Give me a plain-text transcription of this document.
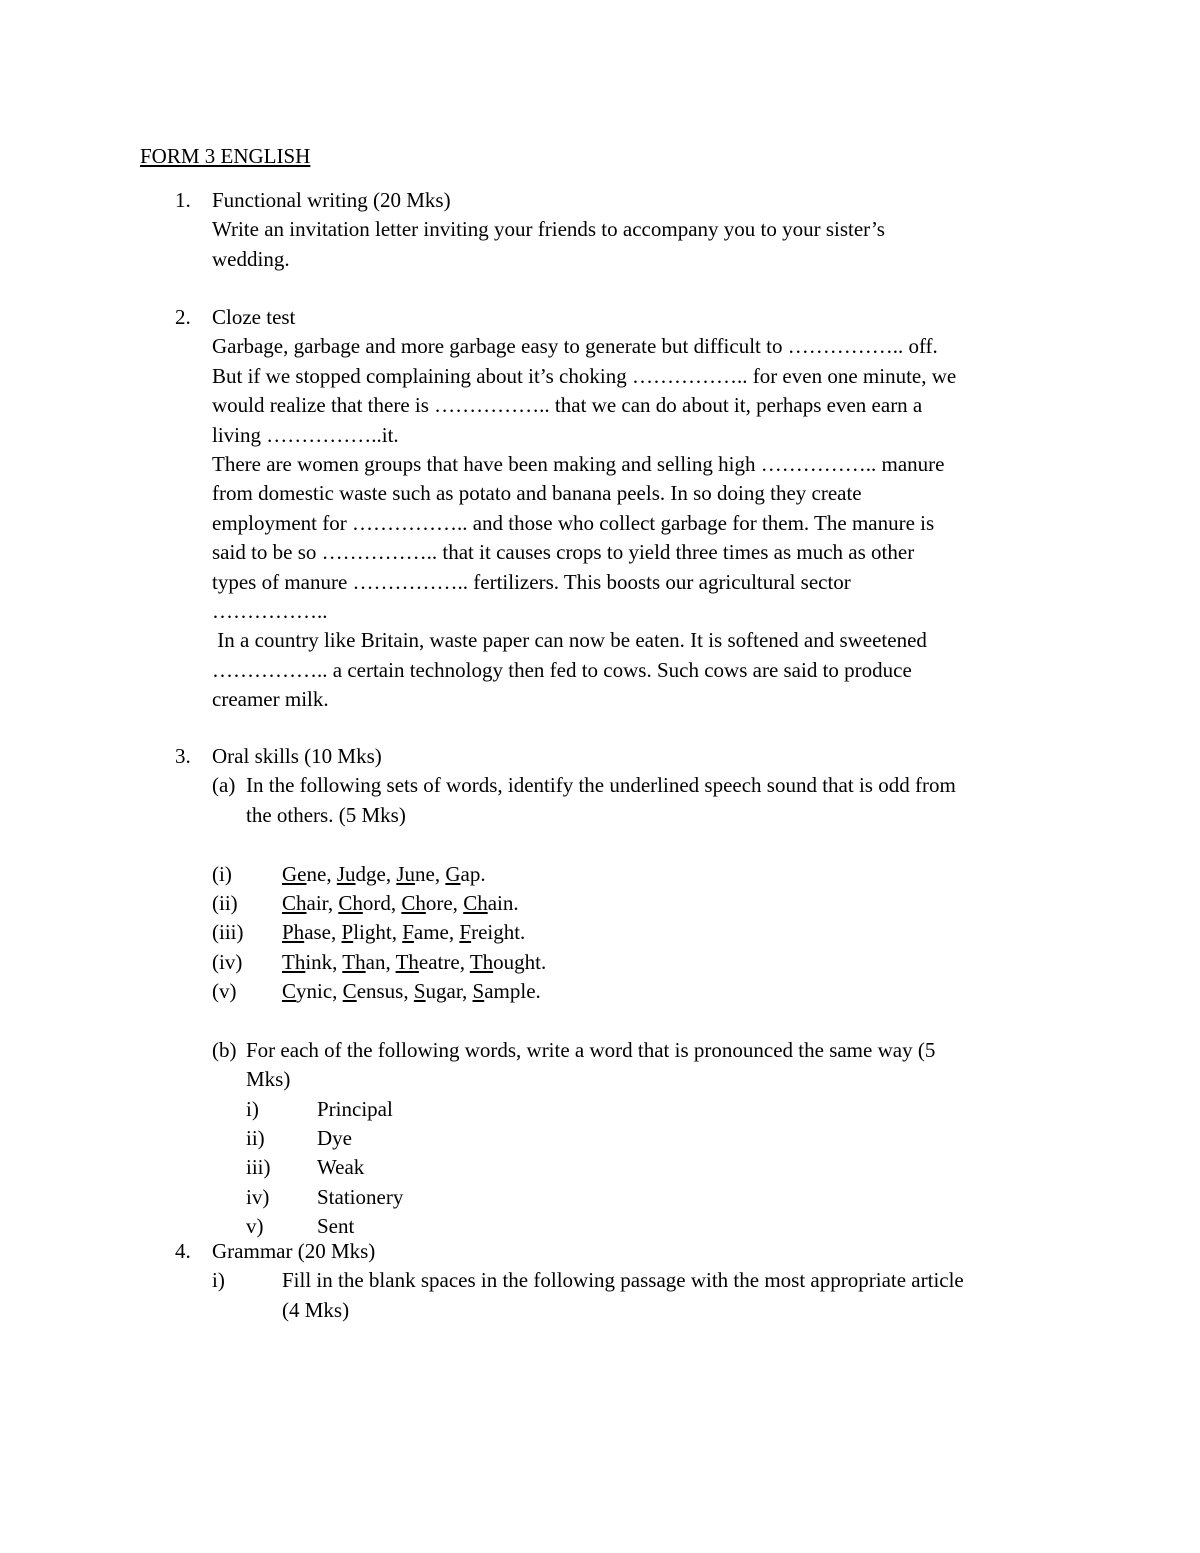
FORM 3 ENGLISH
1. Functional writing (20 Mks)
Write an invitation letter inviting your friends to accompany you to your sister’s
wedding.
2. Cloze test
Garbage, garbage and more garbage easy to generate but difficult to …………….. off.
But if we stopped complaining about it’s choking …………….. for even one minute, we
would realize that there is …………….. that we can do about it, perhaps even earn a
living ……………..it.
There are women groups that have been making and selling high …………….. manure
from domestic waste such as potato and banana peels. In so doing they create
employment for …………….. and those who collect garbage for them. The manure is
said to be so …………….. that it causes crops to yield three times as much as other
types of manure …………….. fertilizers. This boosts our agricultural sector
……………..
In a country like Britain, waste paper can now be eaten. It is softened and sweetened
…………….. a certain technology then fed to cows. Such cows are said to produce
creamer milk.
3. Oral skills (10 Mks)
(a) In the following sets of words, identify the underlined speech sound that is odd from
the others. (5 Mks)
(i) Gene, Judge, June, Gap.
(ii) Chair, Chord, Chore, Chain.
(iii) Phase, Plight, Fame, Freight.
(iv) Think, Than, Theatre, Thought.
(v) Cynic, Census, Sugar, Sample.
(b) For each of the following words, write a word that is pronounced the same way (5
Mks)
i)	Principal
ii) Dye
iii) Weak
iv) Stationery
v)	Sent
4. Grammar (20 Mks)
i)	Fill in the blank spaces in the following passage with the most appropriate article
(4 Mks)
